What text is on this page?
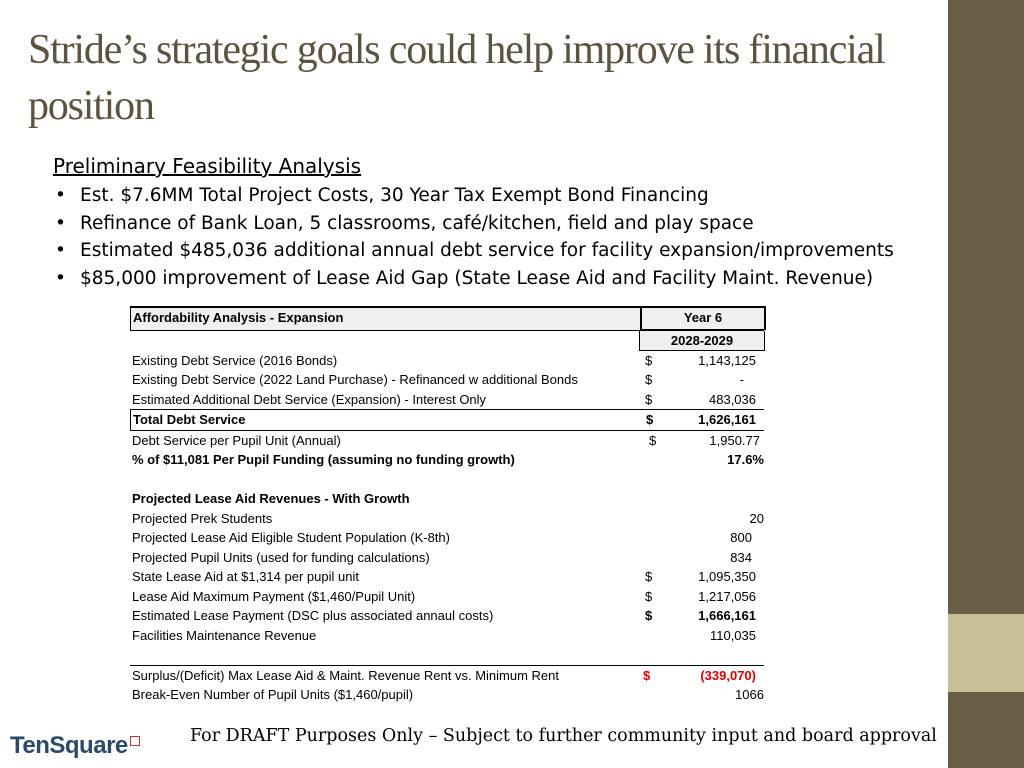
Stride’s strategic goals could help improve its financial position
Preliminary Feasibility Analysis
• Est. $7.6MM Total Project Costs, 30 Year Tax Exempt Bond Financing
• Refinance of Bank Loan, 5 classrooms, café/kitchen, field and play space
• Estimated $485,036 additional annual debt service for facility expansion/improvements
• $85,000 improvement of Lease Aid Gap (State Lease Aid and Facility Maint. Revenue)
Affordability Analysis - Expansion	Year 6
2028-2029
Existing Debt Service (2016 Bonds)	$	1,143,125
Existing Debt Service (2022 Land Purchase) - Refinanced w additional Bonds	$	-
Estimated Additional Debt Service (Expansion) - Interest Only	$	483,036
Total Debt Service	$	1,626,161
Debt Service per Pupil Unit (Annual)	$	1,950.77
% of $11,081 Per Pupil Funding (assuming no funding growth)	17.6%
Projected Lease Aid Revenues - With Growth
Projected Prek Students	20
Projected Lease Aid Eligible Student Population (K-8th)	800
Projected Pupil Units (used for funding calculations)	834
State Lease Aid at $1,314 per pupil unit	$	1,095,350
Lease Aid Maximum Payment ($1,460/Pupil Unit)	$	1,217,056
Estimated Lease Payment (DSC plus associated annaul costs)	$	1,666,161
Facilities Maintenance Revenue	110,035
Surplus/(Deficit) Max Lease Aid & Maint. Revenue Rent vs. Minimum Rent	$	(339,070)
Break-Even Number of Pupil Units ($1,460/pupil)	1066
TenSquare	For DRAFT Purposes Only – Subject to further community input and board approval
